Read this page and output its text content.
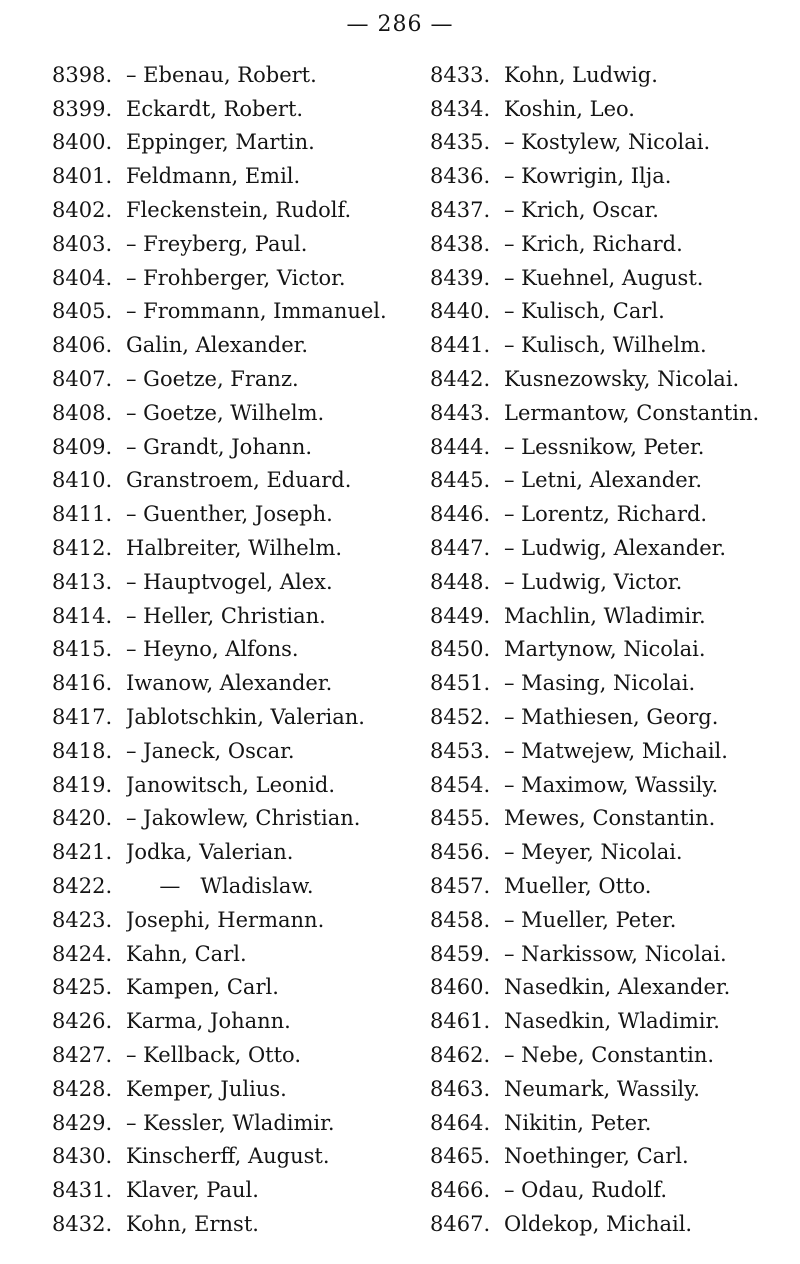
— 286 —
8398. – Ebenau, Robert.
8399. Eckardt, Robert.
8400. Eppinger, Martin.
8401. Feldmann, Emil.
8402. Fleckenstein, Rudolf.
8403. – Freyberg, Paul.
8404. – Frohberger, Victor.
8405. – Frommann, Immanuel.
8406. Galin, Alexander.
8407. – Goetze, Franz.
8408. – Goetze, Wilhelm.
8409. – Grandt, Johann.
8410. Granstroem, Eduard.
8411. – Guenther, Joseph.
8412. Halbreiter, Wilhelm.
8413. – Hauptvogel, Alex.
8414. – Heller, Christian.
8415. – Heyno, Alfons.
8416. Iwanow, Alexander.
8417. Jablotschkin, Valerian.
8418. – Janeck, Oscar.
8419. Janowitsch, Leonid.
8420. – Jakowlew, Christian.
8421. Jodka, Valerian.
8422. —   Wladislaw.
8423. Josephi, Hermann.
8424. Kahn, Carl.
8425. Kampen, Carl.
8426. Karma, Johann.
8427. – Kellback, Otto.
8428. Kemper, Julius.
8429. – Kessler, Wladimir.
8430. Kinscherff, August.
8431. Klaver, Paul.
8432. Kohn, Ernst.
8433. Kohn, Ludwig.
8434. Koshin, Leo.
8435. – Kostylew, Nicolai.
8436. – Kowrigin, Ilja.
8437. – Krich, Oscar.
8438. – Krich, Richard.
8439. – Kuehnel, August.
8440. – Kulisch, Carl.
8441. – Kulisch, Wilhelm.
8442. Kusnezowsky, Nicolai.
8443. Lermantow, Constantin.
8444. – Lessnikow, Peter.
8445. – Letni, Alexander.
8446. – Lorentz, Richard.
8447. – Ludwig, Alexander.
8448. – Ludwig, Victor.
8449. Machlin, Wladimir.
8450. Martynow, Nicolai.
8451. – Masing, Nicolai.
8452. – Mathiesen, Georg.
8453. – Matwejew, Michail.
8454. – Maximow, Wassily.
8455. Mewes, Constantin.
8456. – Meyer, Nicolai.
8457. Mueller, Otto.
8458. – Mueller, Peter.
8459. – Narkissow, Nicolai.
8460. Nasedkin, Alexander.
8461. Nasedkin, Wladimir.
8462. – Nebe, Constantin.
8463. Neumark, Wassily.
8464. Nikitin, Peter.
8465. Noethinger, Carl.
8466. – Odau, Rudolf.
8467. Oldekop, Michail.
